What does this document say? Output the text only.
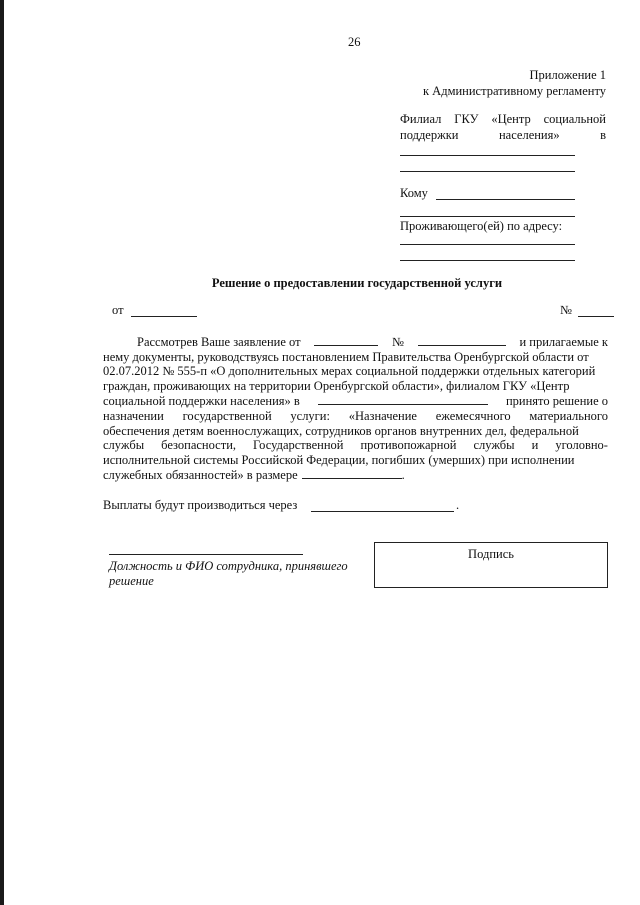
26
Приложение 1
к Административному регламенту
Филиал ГКУ «Центр социальной
поддержки	населения»	в
Кому
Проживающего(ей) по адресу:
Решение о предоставлении государственной услуги
от	№
Рассмотрев Ваше заявление от	№	и прилагаемые к
нему документы, руководствуясь постановлением Правительства Оренбургской области от
02.07.2012 № 555-п «О дополнительных мерах социальной поддержки отдельных категорий
граждан, проживающих на территории Оренбургской области», филиалом ГКУ «Центр
социальной поддержки населения» в	принято решение о
назначении государственной услуги: «Назначение ежемесячного материального
обеспечения детям военнослужащих, сотрудников органов внутренних дел, федеральной
службы безопасности, Государственной противопожарной службы и уголовно-
исполнительной системы Российской Федерации, погибших (умерших) при исполнении
служебных обязанностей» в размере	.
Выплаты будут производиться через	.
Должность и ФИО сотрудника, принявшего
решение
Подпись
